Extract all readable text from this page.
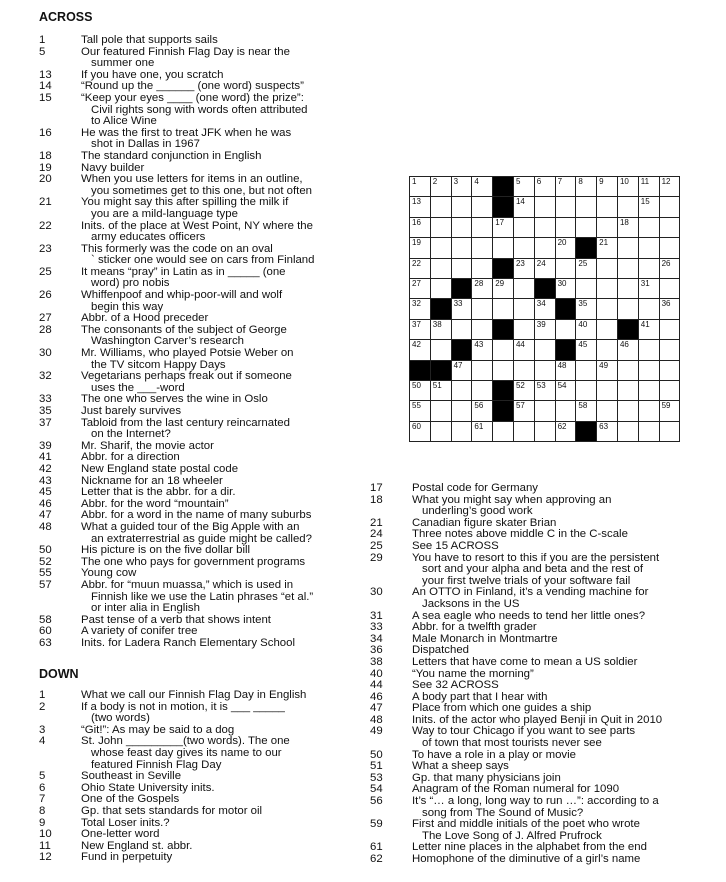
ACROSS
1	Tall pole that supports sails
5	Our featured Finnish Flag Day is near the
summer one
13	If you have one, you scratch
14	“Round up the ______ (one word) suspects”
15	“Keep your eyes ____ (one word) the prize”:
Civil rights song with words often attributed
to Alice Wine
16	He was the first to treat JFK when he was
shot in Dallas in 1967
18	The standard conjunction in English
19	Navy builder
20	When you use letters for items in an outline,
you sometimes get to this one, but not often
21	You might say this after spilling the milk if
you are a mild-language type
22	Inits. of the place at West Point, NY where the
army educates officers
23	This formerly was the code on an oval
` sticker one would see on cars from Finland
25	It means “pray” in Latin as in _____ (one
word) pro nobis
26	Whiffenpoof and whip-poor-will and wolf
begin this way
27	Abbr. of a Hood preceder
28	The consonants of the subject of George
Washington Carver’s research
30	Mr. Williams, who played Potsie Weber on
the TV sitcom Happy Days
32	Vegetarians perhaps freak out if someone
uses the ___-word
33	The one who serves the wine in Oslo
35	Just barely survives
37	Tabloid from the last century reincarnated
on the Internet?
39	Mr. Sharif, the movie actor
41	Abbr. for a direction
42	New England state postal code
43	Nickname for an 18 wheeler
45	Letter that is the abbr. for a dir.
46	Abbr. for the word “mountain”
47	Abbr. for a word in the name of many suburbs
48	What a guided tour of the Big Apple with an
an extraterrestrial as guide might be called?
50	His picture is on the five dollar bill
52	The one who pays for government programs
55	Young cow
57	Abbr. for “muun muassa,” which is used in
Finnish like we use the Latin phrases “et al.”
or inter alia in English
58	Past tense of a verb that shows intent
60	A variety of conifer tree
63	Inits. for Ladera Ranch Elementary School
DOWN
1	What we call our Finnish Flag Day in English
2	If a body is not in motion, it is ___ _____
(two words)
3	“Git!”: As may be said to a dog
4	St. John _________(two words). The one
whose feast day gives its name to our
featured Finnish Flag Day
5	Southeast in Seville
6	Ohio State University inits.
7	One of the Gospels
8	Gp. that sets standards for motor oil
9	Total Loser inits.?
10	One-letter word
11	New England st. abbr.
12	Fund in perpetuity
17	Postal code for Germany
18	What you might say when approving an
underling’s good work
21	Canadian figure skater Brian
24	Three notes above middle C in the C-scale
25	See 15 ACROSS
29	You have to resort to this if you are the persistent
sort and your alpha and beta and the rest of
your first twelve trials of your software fail
30	An OTTO in Finland, it’s a vending machine for
Jacksons in the US
31	A sea eagle who needs to tend her little ones?
33	Abbr. for a twelfth grader
34	Male Monarch in Montmartre
36	Dispatched
38	Letters that have come to mean a US soldier
40	“You name the morning”
44	See 32 ACROSS
46	A body part that I hear with
47	Place from which one guides a ship
48	Inits. of the actor who played Benji in Quit in 2010
49	Way to tour Chicago if you want to see parts
of town that most tourists never see
50	To have a role in a play or movie
51	What a sheep says
53	Gp. that many physicians join
54	Anagram of the Roman numeral for 1090
56	It’s “… a long, long way to run …”: according to a
song from The Sound of Music?
59	First and middle initials of the poet who wrote
The Love Song of J. Alfred Prufrock
61	Letter nine places in the alphabet from the end
62	Homophone of the diminutive of a girl’s name
1	2	3	4		5	6	7	8	9	10	11	12

13					14						15	

16				17						18		

19							20		21			

22					23	24		25				26

27			28	29			30				31	

32		33				34		35				36

37	38					39		40			41	

42			43		44			45		46		

		47					48		49			

50	51				52	53	54					

55			56		57			58				59

60			61				62		63			
